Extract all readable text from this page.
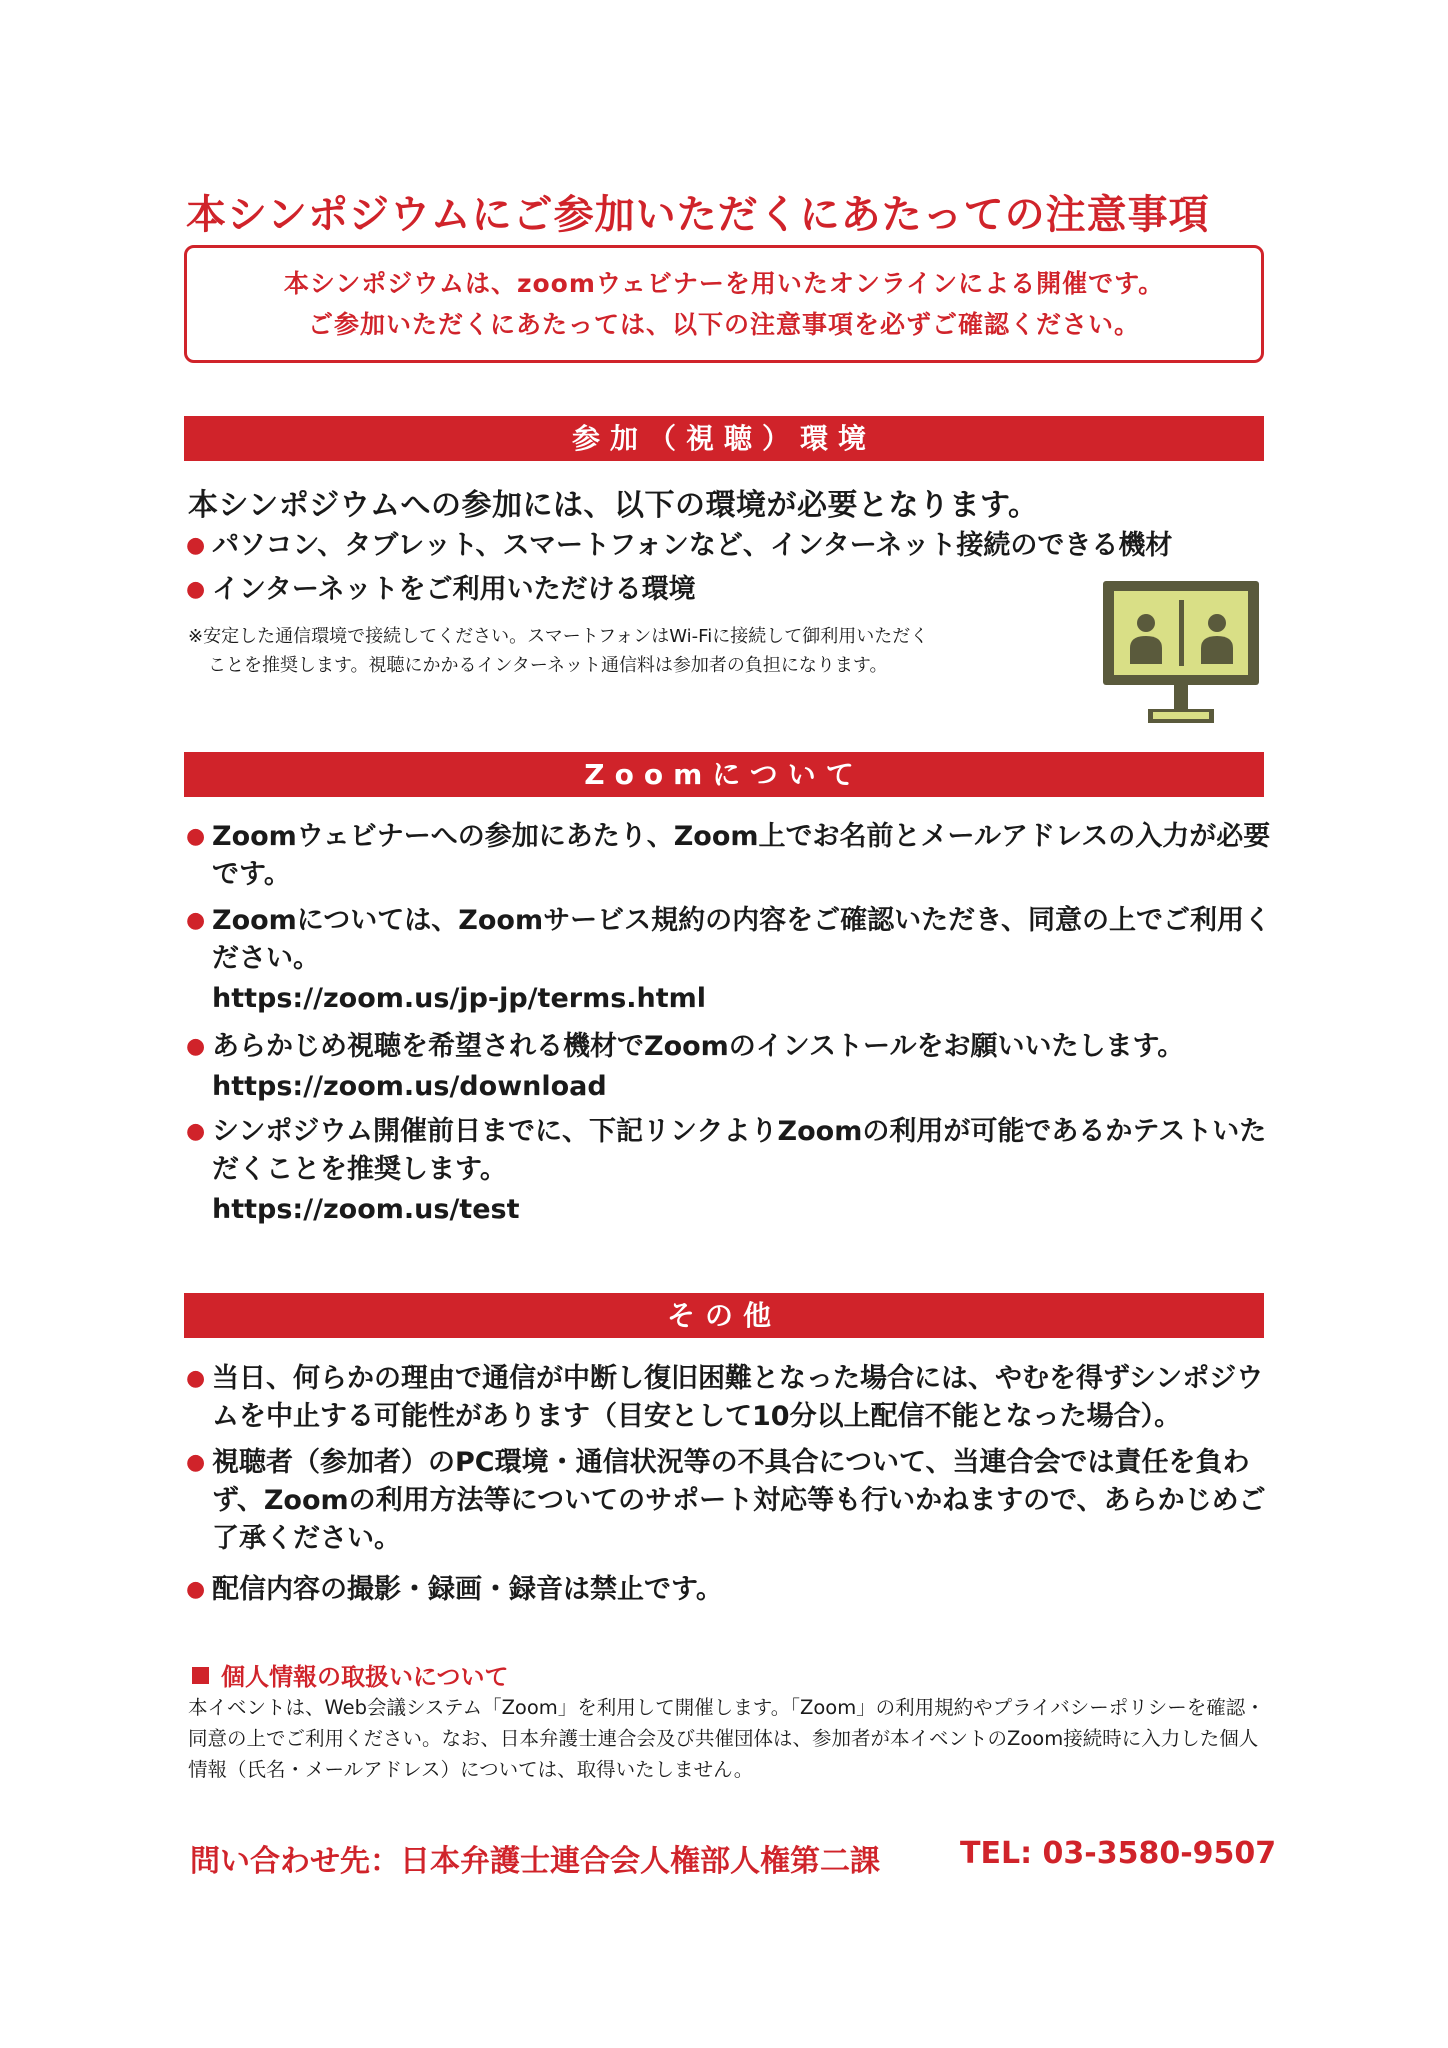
本シンポジウムにご参加いただくにあたっての注意事項
本シンポジウムは、zoomウェビナーを用いたオンラインによる開催です。
ご参加いただくにあたっては、以下の注意事項を必ずご確認ください。
参加（視聴）環境
本シンポジウムへの参加には、以下の環境が必要となります。
● パソコン、タブレット、スマートフォンなど、インターネット接続のできる機材
● インターネットをご利用いただける環境
※安定した通信環境で接続してください。スマートフォンはWi-Fiに接続して御利用いただく
ことを推奨します。視聴にかかるインターネット通信料は参加者の負担になります。
Zoomについて
● Zoomウェビナーへの参加にあたり、Zoom上でお名前とメールアドレスの入力が必要です。
● Zoomについては、Zoomサービス規約の内容をご確認いただき、同意の上でご利用ください。
https://zoom.us/jp-jp/terms.html
● あらかじめ視聴を希望される機材でZoomのインストールをお願いいたします。
https://zoom.us/download
● シンポジウム開催前日までに、下記リンクよりZoomの利用が可能であるかテストいただくことを推奨します。
https://zoom.us/test
その他
● 当日、何らかの理由で通信が中断し復旧困難となった場合には、やむを得ずシンポジウムを中止する可能性があります（目安として10分以上配信不能となった場合）。
● 視聴者（参加者）のPC環境・通信状況等の不具合について、当連合会では責任を負わず、Zoomの利用方法等についてのサポート対応等も行いかねますので、あらかじめご了承ください。
● 配信内容の撮影・録画・録音は禁止です。
個人情報の取扱いについて
本イベントは、Web会議システム「Zoom」を利用して開催します。「Zoom」の利用規約やプライバシーポリシーを確認・同意の上でご利用ください。なお、日本弁護士連合会及び共催団体は、参加者が本イベントのZoom接続時に入力した個人情報（氏名・メールアドレス）については、取得いたしません。
問い合わせ先：日本弁護士連合会人権部人権第二課	TEL: 03-3580-9507
